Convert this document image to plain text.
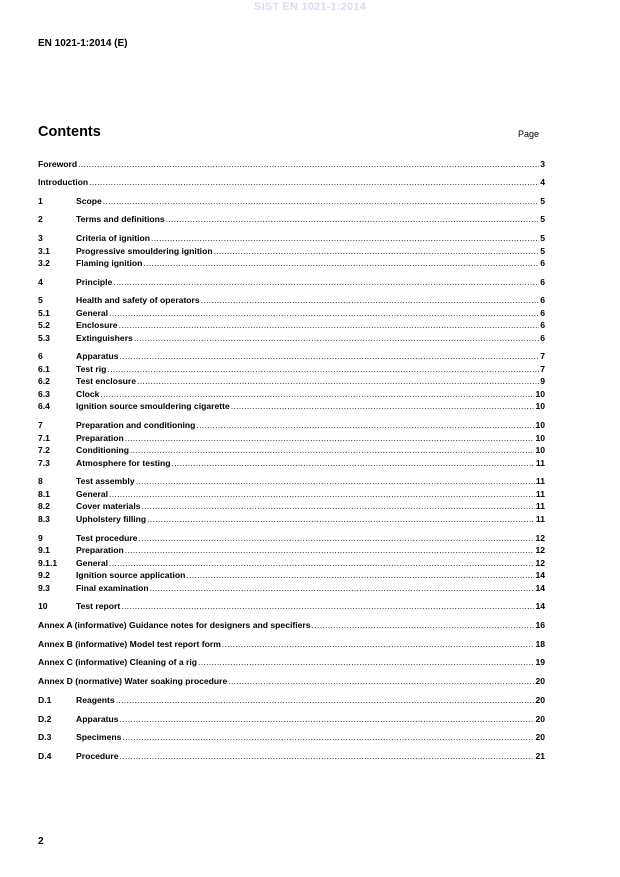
SIST EN 1021-1:2014
EN 1021-1:2014 (E)
Contents	Page
Foreword .....	3
Introduction .....	4
1	Scope .....	5
2	Terms and definitions .....	5
3	Criteria of ignition .....	5
3.1	Progressive smouldering ignition .....	5
3.2	Flaming ignition .....	6
4	Principle .....	6
5	Health and safety of operators .....	6
5.1	General .....	6
5.2	Enclosure .....	6
5.3	Extinguishers .....	6
6	Apparatus .....	7
6.1	Test rig .....	7
6.2	Test enclosure .....	9
6.3	Clock .....	10
6.4	Ignition source smouldering cigarette .....	10
7	Preparation and conditioning .....	10
7.1	Preparation .....	10
7.2	Conditioning .....	10
7.3	Atmosphere for testing .....	11
8	Test assembly .....	11
8.1	General .....	11
8.2	Cover materials .....	11
8.3	Upholstery filling .....	11
9	Test procedure .....	12
9.1	Preparation .....	12
9.1.1	General .....	12
9.2	Ignition source application .....	14
9.3	Final examination .....	14
10	Test report .....	14
Annex A (informative) Guidance notes for designers and specifiers .....	16
Annex B (informative) Model test report form .....	18
Annex C (informative) Cleaning of a rig .....	19
Annex D (normative) Water soaking procedure .....	20
D.1	Reagents .....	20
D.2	Apparatus .....	20
D.3	Specimens .....	20
D.4	Procedure .....	21
2
